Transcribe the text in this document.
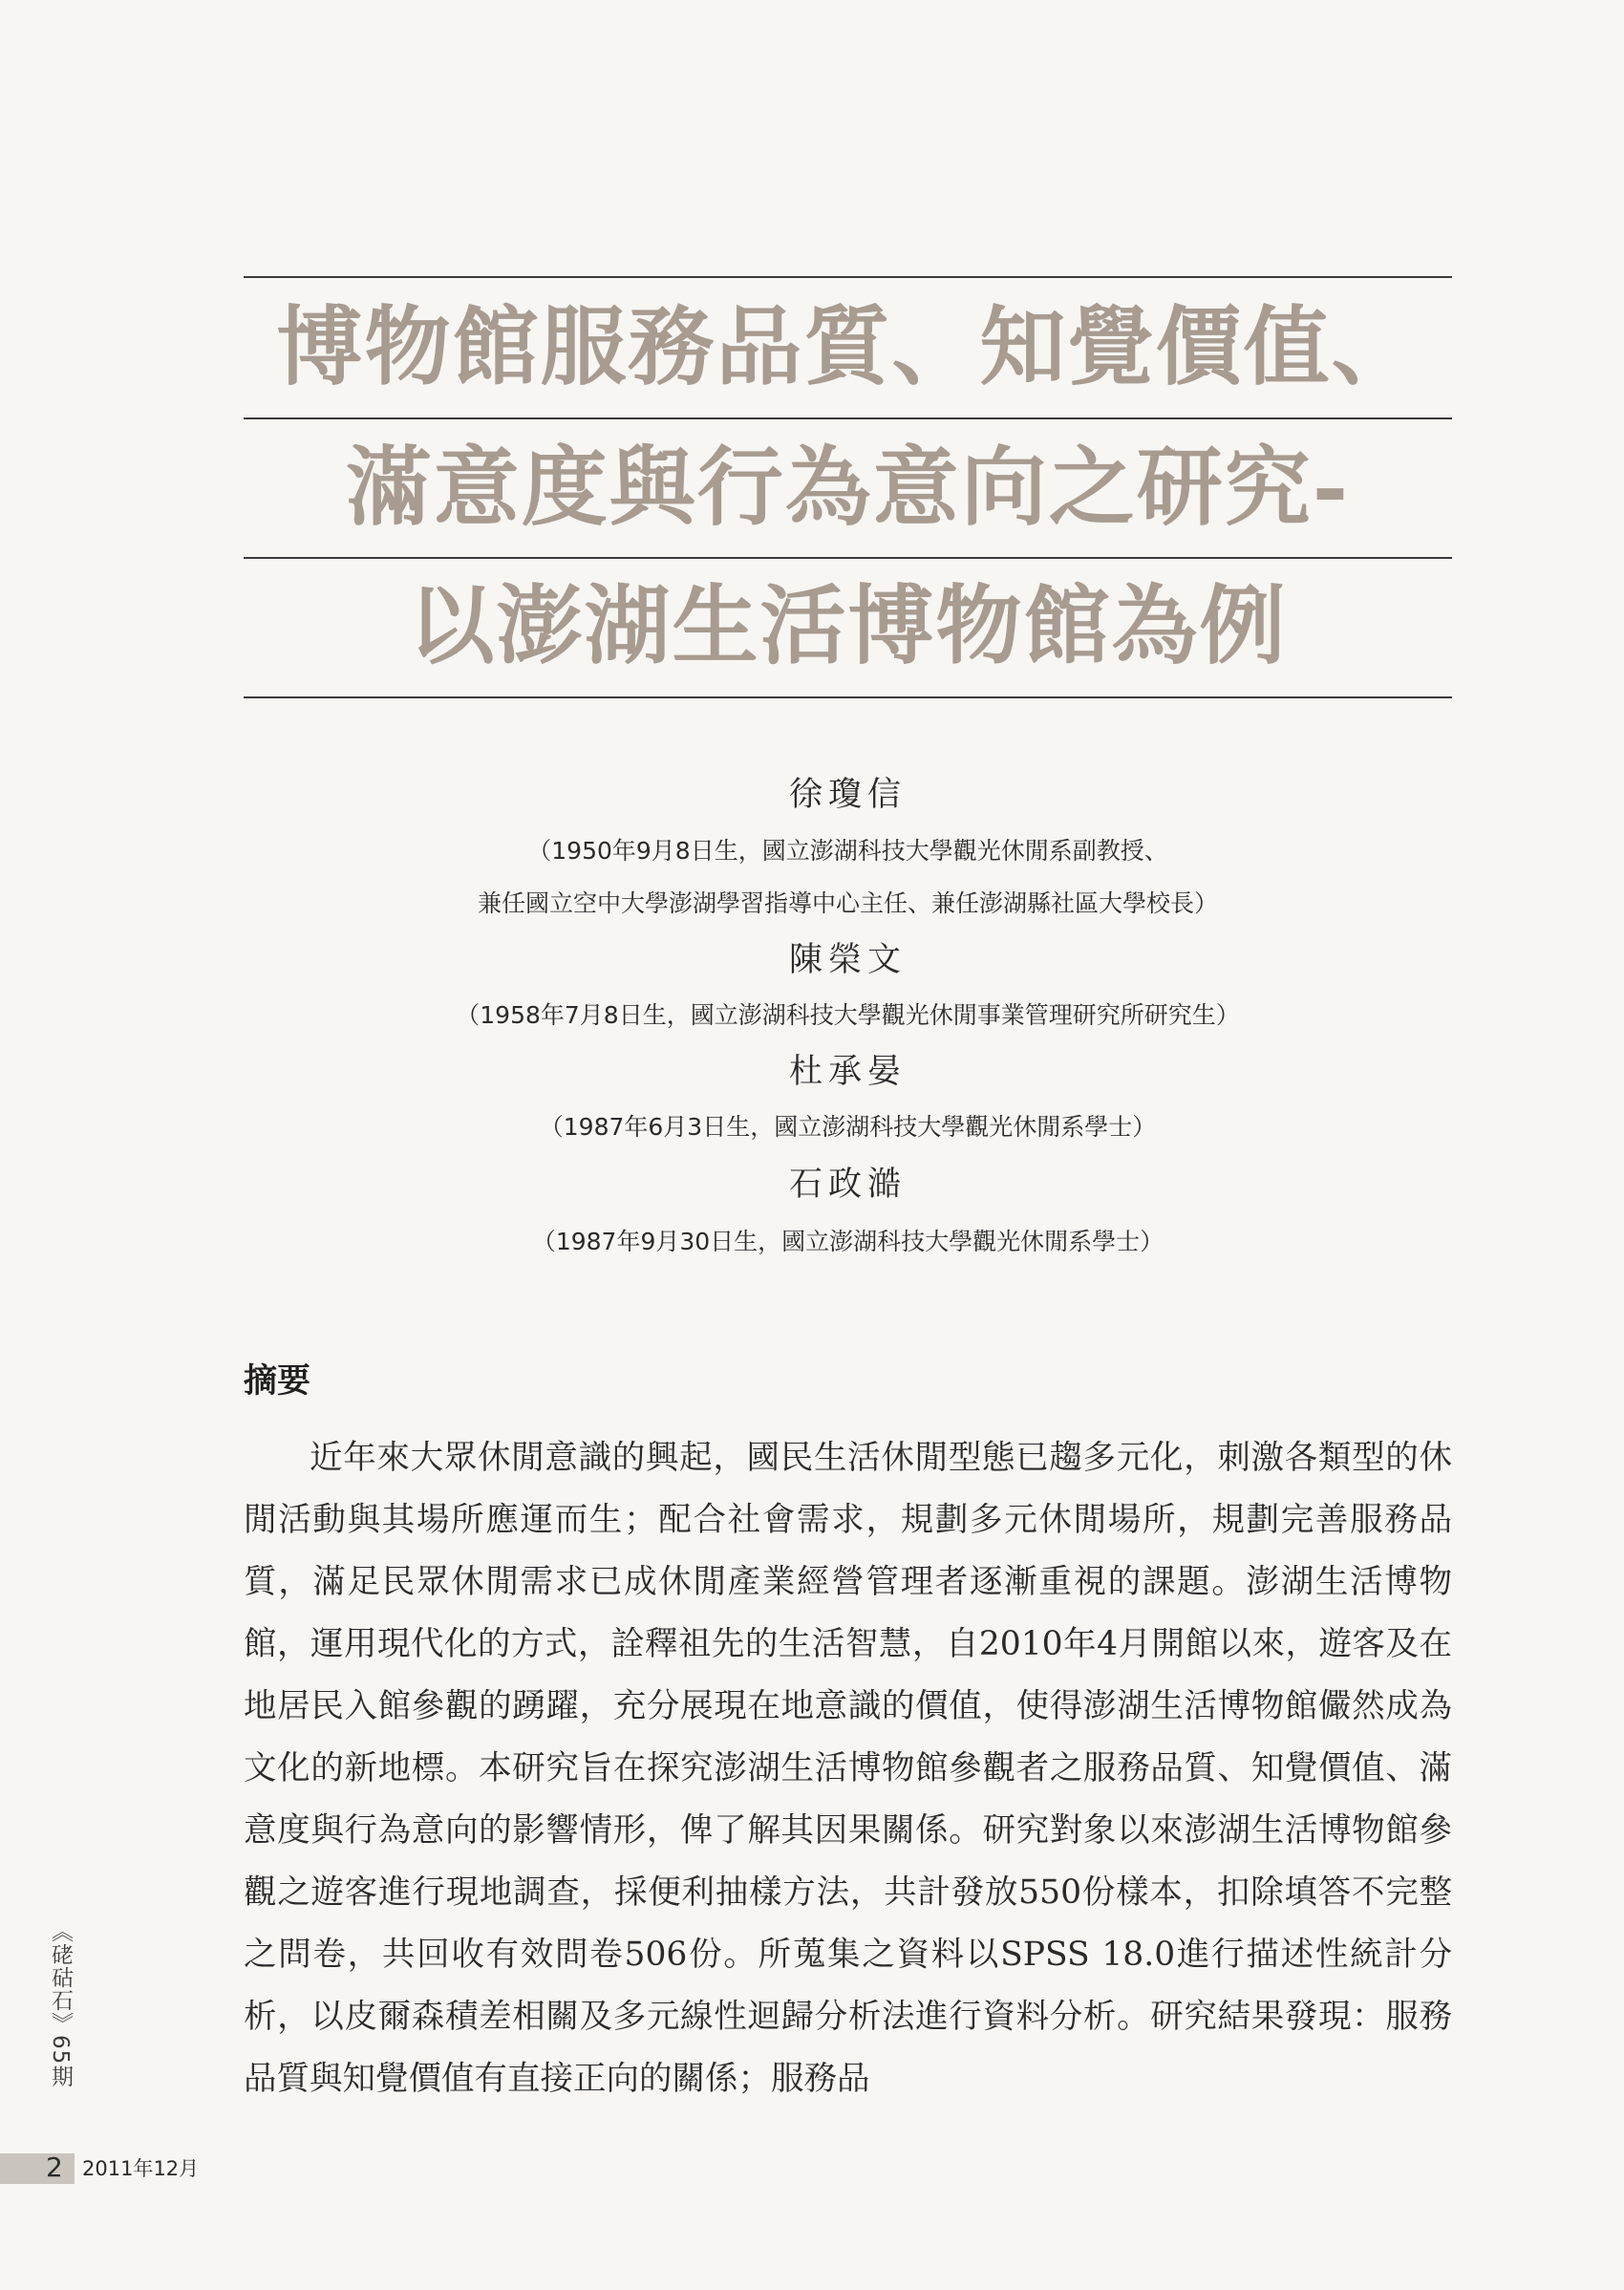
博物館服務品質、知覺價值、
滿意度與行為意向之研究-
以澎湖生活博物館為例
徐瓊信
（1950年9月8日生，國立澎湖科技大學觀光休閒系副教授、
兼任國立空中大學澎湖學習指導中心主任、兼任澎湖縣社區大學校長）
陳榮文
（1958年7月8日生，國立澎湖科技大學觀光休閒事業管理研究所研究生）
杜承晏
（1987年6月3日生，國立澎湖科技大學觀光休閒系學士）
石政澔
（1987年9月30日生，國立澎湖科技大學觀光休閒系學士）
摘要

近年來大眾休閒意識的興起，國民生活休閒型態已趨多元化，刺激各類型的休閒活動與其場所應運而生；配合社會需求，規劃多元休閒場所，規劃完善服務品質，滿足民眾休閒需求已成休閒產業經營管理者逐漸重視的課題。澎湖生活博物館，運用現代化的方式，詮釋祖先的生活智慧，自2010年4月開館以來，遊客及在地居民入館參觀的踴躍，充分展現在地意識的價值，使得澎湖生活博物館儼然成為文化的新地標。本研究旨在探究澎湖生活博物館參觀者之服務品質、知覺價值、滿意度與行為意向的影響情形，俾了解其因果關係。研究對象以來澎湖生活博物館參觀之遊客進行現地調查，採便利抽樣方法，共計發放550份樣本，扣除填答不完整之問卷，共回收有效問卷506份。所蒐集之資料以SPSS 18.0進行描述性統計分析，以皮爾森積差相關及多元線性迴歸分析法進行資料分析。研究結果發現：服務品質與知覺價值有直接正向的關係；服務品

《硓𥑮石》65期
2 2011年12月
